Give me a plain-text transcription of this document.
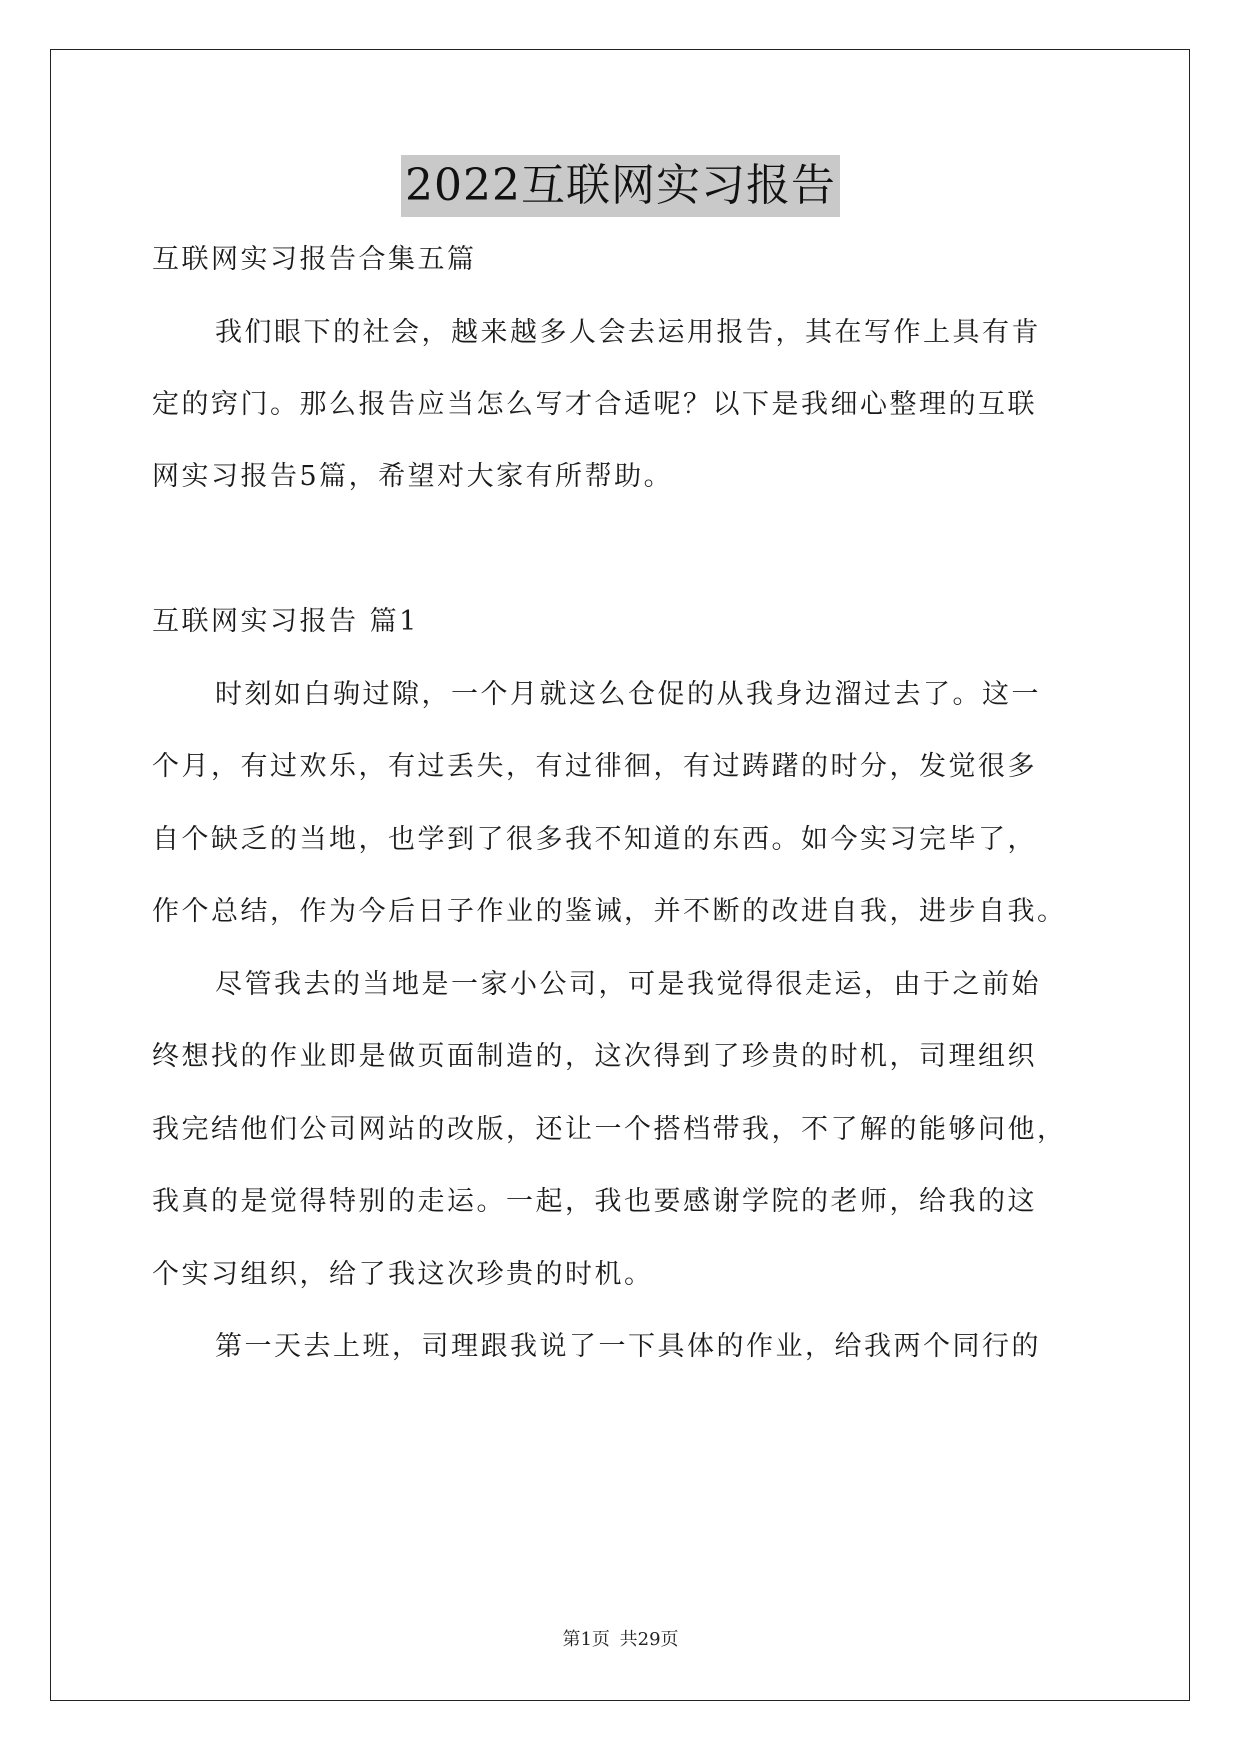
2022互联网实习报告
互联网实习报告合集五篇
我们眼下的社会，越来越多人会去运用报告，其在写作上具有肯
定的窍门。那么报告应当怎么写才合适呢？以下是我细心整理的互联
网实习报告5篇，希望对大家有所帮助。
互联网实习报告 篇1
时刻如白驹过隙，一个月就这么仓促的从我身边溜过去了。这一
个月，有过欢乐，有过丢失，有过徘徊，有过踌躇的时分，发觉很多
自个缺乏的当地，也学到了很多我不知道的东西。如今实习完毕了，
作个总结，作为今后日子作业的鉴诫，并不断的改进自我，进步自我。
尽管我去的当地是一家小公司，可是我觉得很走运，由于之前始
终想找的作业即是做页面制造的，这次得到了珍贵的时机，司理组织
我完结他们公司网站的改版，还让一个搭档带我，不了解的能够问他，
我真的是觉得特别的走运。一起，我也要感谢学院的老师，给我的这
个实习组织，给了我这次珍贵的时机。
第一天去上班，司理跟我说了一下具体的作业，给我两个同行的
第1页 共29页
